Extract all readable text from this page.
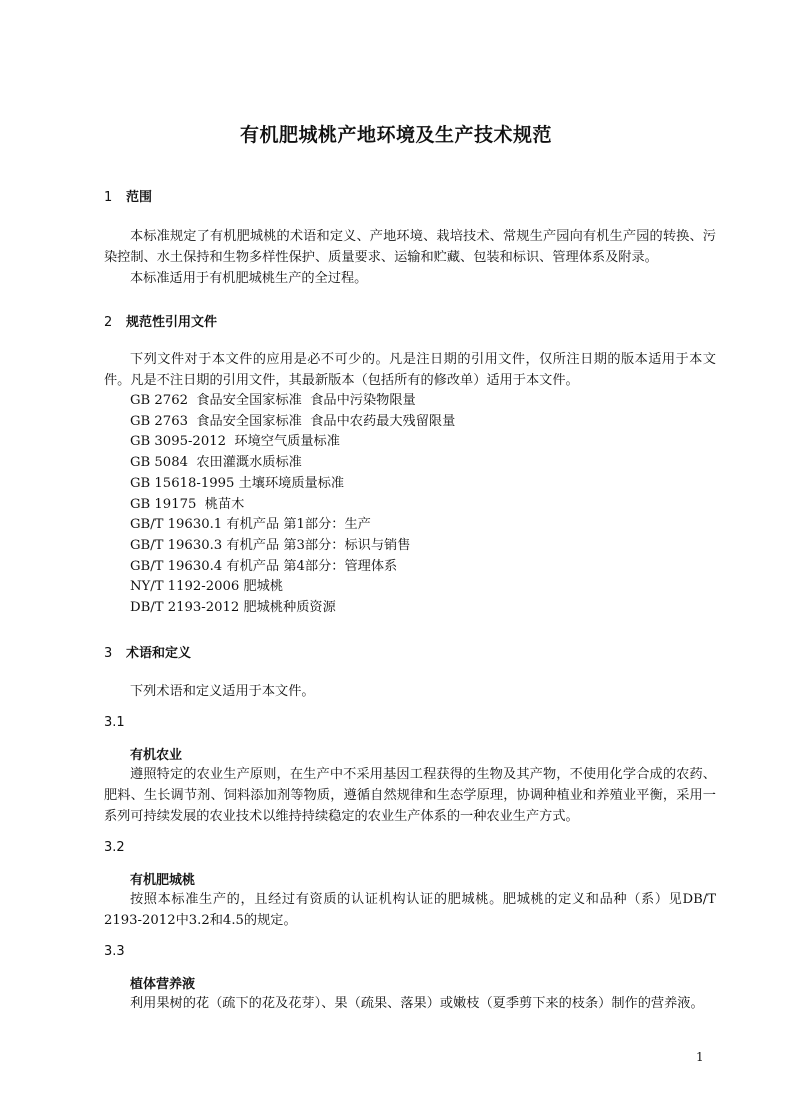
有机肥城桃产地环境及生产技术规范
1 范围
本标准规定了有机肥城桃的术语和定义、产地环境、栽培技术、常规生产园向有机生产园的转换、污染控制、水土保持和生物多样性保护、质量要求、运输和贮藏、包装和标识、管理体系及附录。
本标准适用于有机肥城桃生产的全过程。
2 规范性引用文件
下列文件对于本文件的应用是必不可少的。凡是注日期的引用文件，仅所注日期的版本适用于本文件。凡是不注日期的引用文件，其最新版本（包括所有的修改单）适用于本文件。
GB 2762  食品安全国家标准  食品中污染物限量
GB 2763  食品安全国家标准  食品中农药最大残留限量
GB 3095-2012  环境空气质量标准
GB 5084  农田灌溉水质标准
GB 15618-1995 土壤环境质量标准
GB 19175  桃苗木
GB/T 19630.1 有机产品 第1部分：生产
GB/T 19630.3 有机产品 第3部分：标识与销售
GB/T 19630.4 有机产品 第4部分：管理体系
NY/T 1192-2006 肥城桃
DB/T 2193-2012 肥城桃种质资源
3 术语和定义
下列术语和定义适用于本文件。
3.1
有机农业
遵照特定的农业生产原则，在生产中不采用基因工程获得的生物及其产物，不使用化学合成的农药、肥料、生长调节剂、饲料添加剂等物质，遵循自然规律和生态学原理，协调种植业和养殖业平衡，采用一系列可持续发展的农业技术以维持持续稳定的农业生产体系的一种农业生产方式。
3.2
有机肥城桃
按照本标准生产的，且经过有资质的认证机构认证的肥城桃。肥城桃的定义和品种（系）见DB/T 2193-2012中3.2和4.5的规定。
3.3
植体营养液
利用果树的花（疏下的花及花芽）、果（疏果、落果）或嫩枝（夏季剪下来的枝条）制作的营养液。
1
